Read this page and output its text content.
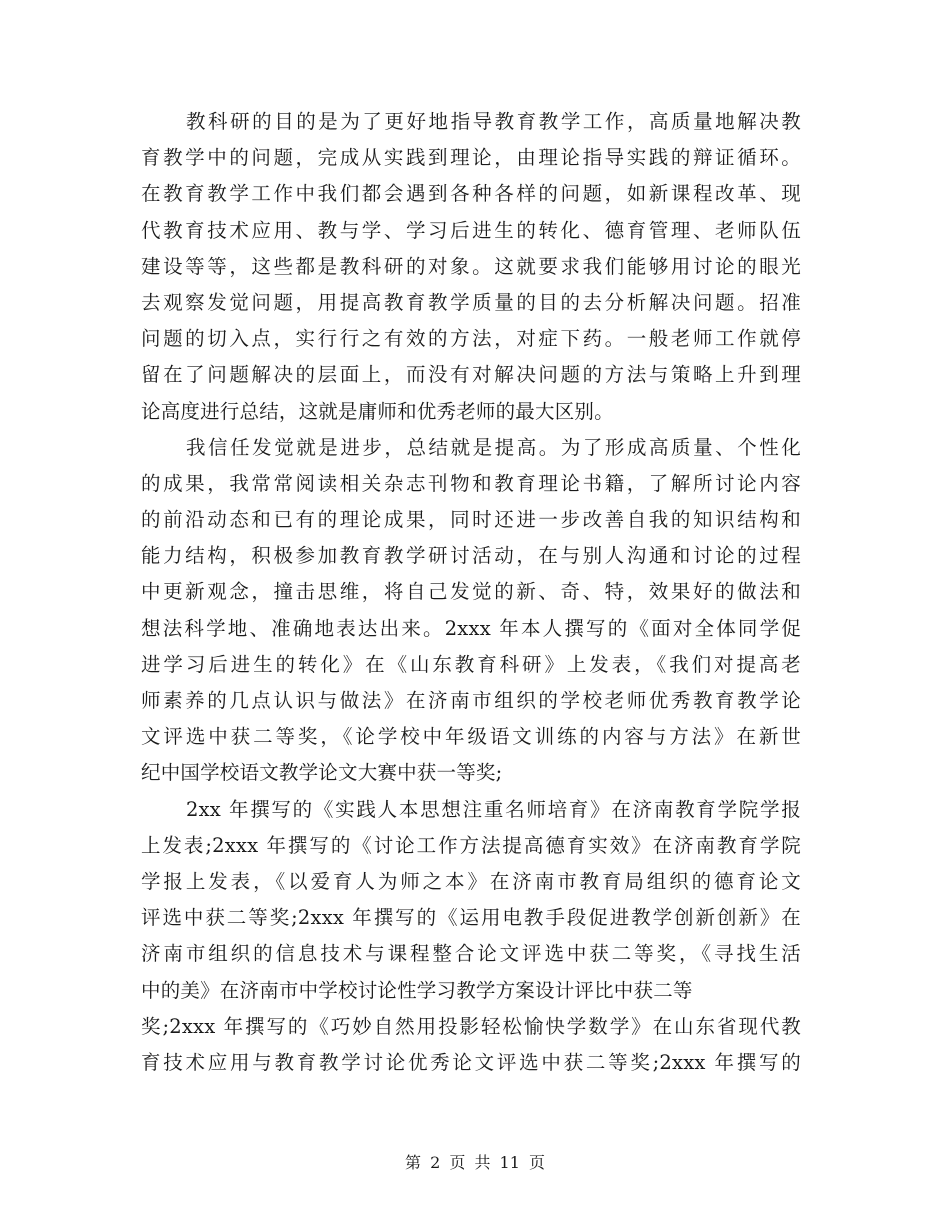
教科研的目的是为了更好地指导教育教学工作，高质量地解决教
育教学中的问题，完成从实践到理论，由理论指导实践的辩证循环。
在教育教学工作中我们都会遇到各种各样的问题，如新课程改革、现
代教育技术应用、教与学、学习后进生的转化、德育管理、老师队伍
建设等等，这些都是教科研的对象。这就要求我们能够用讨论的眼光
去观察发觉问题，用提高教育教学质量的目的去分析解决问题。招准
问题的切入点，实行行之有效的方法，对症下药。一般老师工作就停
留在了问题解决的层面上，而没有对解决问题的方法与策略上升到理
论高度进行总结，这就是庸师和优秀老师的最大区别。
我信任发觉就是进步，总结就是提高。为了形成高质量、个性化
的成果，我常常阅读相关杂志刊物和教育理论书籍，了解所讨论内容
的前沿动态和已有的理论成果，同时还进一步改善自我的知识结构和
能力结构，积极参加教育教学研讨活动，在与别人沟通和讨论的过程
中更新观念，撞击思维，将自己发觉的新、奇、特，效果好的做法和
想法科学地、准确地表达出来。2xxx 年本人撰写的《面对全体同学促
进学习后进生的转化》在《山东教育科研》上发表，《我们对提高老
师素养的几点认识与做法》在济南市组织的学校老师优秀教育教学论
文评选中获二等奖，《论学校中年级语文训练的内容与方法》在新世
纪中国学校语文教学论文大赛中获一等奖;
2xx 年撰写的《实践人本思想注重名师培育》在济南教育学院学报
上发表;2xxx 年撰写的《讨论工作方法提高德育实效》在济南教育学院
学报上发表，《以爱育人为师之本》在济南市教育局组织的德育论文
评选中获二等奖;2xxx 年撰写的《运用电教手段促进教学创新创新》在
济南市组织的信息技术与课程整合论文评选中获二等奖，《寻找生活
中的美》在济南市中学校讨论性学习教学方案设计评比中获二等
奖;2xxx 年撰写的《巧妙自然用投影轻松愉快学数学》在山东省现代教
育技术应用与教育教学讨论优秀论文评选中获二等奖;2xxx 年撰写的
第 2 页 共 11 页
